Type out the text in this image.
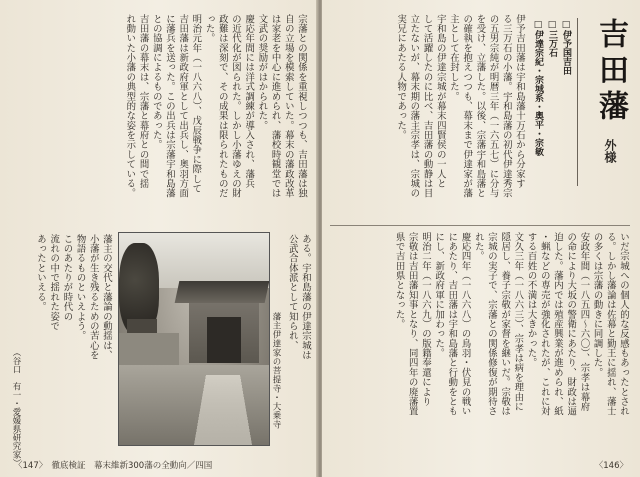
宗藩との関係を重視しつつも、吉田藩は独
自の立場を模索していた。幕末の藩政改革
は家老を中心に進められ、藩校時観堂では
文武の奨励がはかられた。
慶応年間には洋式調練が導入され、藩兵
の近代化が図られた。しかし小藩ゆえの財
政難は深刻で、その成果は限られたものだ
った。
明治元年（一八六八）、戊辰戦争に際して
吉田藩は新政府軍として出兵し、奥羽方面
に藩兵を送った。この出兵は宗藩宇和島藩
との協調によるものであった。
吉田藩の幕末は、宗藩と幕府との間で揺
れ動いた小藩の典型的な姿を示している。
藩主の交代と藩論の動揺は、
小藩が生き残るための苦心を
物語るものといえよう。
このあたりが時代の
流れの中で揺れた姿で
あったといえる。	ある。宇和島藩の伊達宗城は
公武合体派として知られ、
藩主伊達家の菩提寺・大乗寺
（谷口　有一・愛媛県研究家）
〈147〉　徹底検証　幕末維新300藩の全動向／四国
吉田藩 外様
□伊予国吉田
□三万石
□伊達宗紀・宗城系・奥平・宗敏
伊予吉田藩は宇和島藩十万石から分家す
る三万石の小藩。宇和島藩の初代伊達秀宗
の五男宗純が明暦三年（一六五七）に分与
を受け、立藩した。以後、宗藩宇和島藩と
の確執を抱えつつも、幕末まで伊達家が藩
主として在封した。
宇和島の伊達宗城が幕末四賢侯の一人と
して活躍したのに比べ、吉田藩の動静は目
立たないが、幕末期の藩主宗孝は、宗城の
実兄にあたる人物であった。
いだ宗城への個人的な反感もあったとされ
る。しかし藩論は佐幕と勤王に揺れ、藩士
の多くは宗藩の動きに同調した。
安政年間（一八五四〜六〇）、宗孝は幕府
の命により大坂の警衛にあたり、財政は逼
迫した。藩内では殖産興業が進められ、紙
・蝋などの専売が強化されたが、これに対
する百姓の不満は大きかった。
文久三年（一八六三）、宗孝は病を理由に
隠居し、養子宗敬が家督を継いだ。宗敬は
宗城の実子で、宗藩との関係修復が期待さ
れた。
慶応四年（一八六八）の鳥羽・伏見の戦い
にあたり、吉田藩は宇和島藩と行動をとも
にし、新政府軍に加わった。
明治二年（一八六九）の版籍奉還により
宗敬は吉田藩知事となり、同四年の廃藩置
県で吉田県となった。
〈146〉
